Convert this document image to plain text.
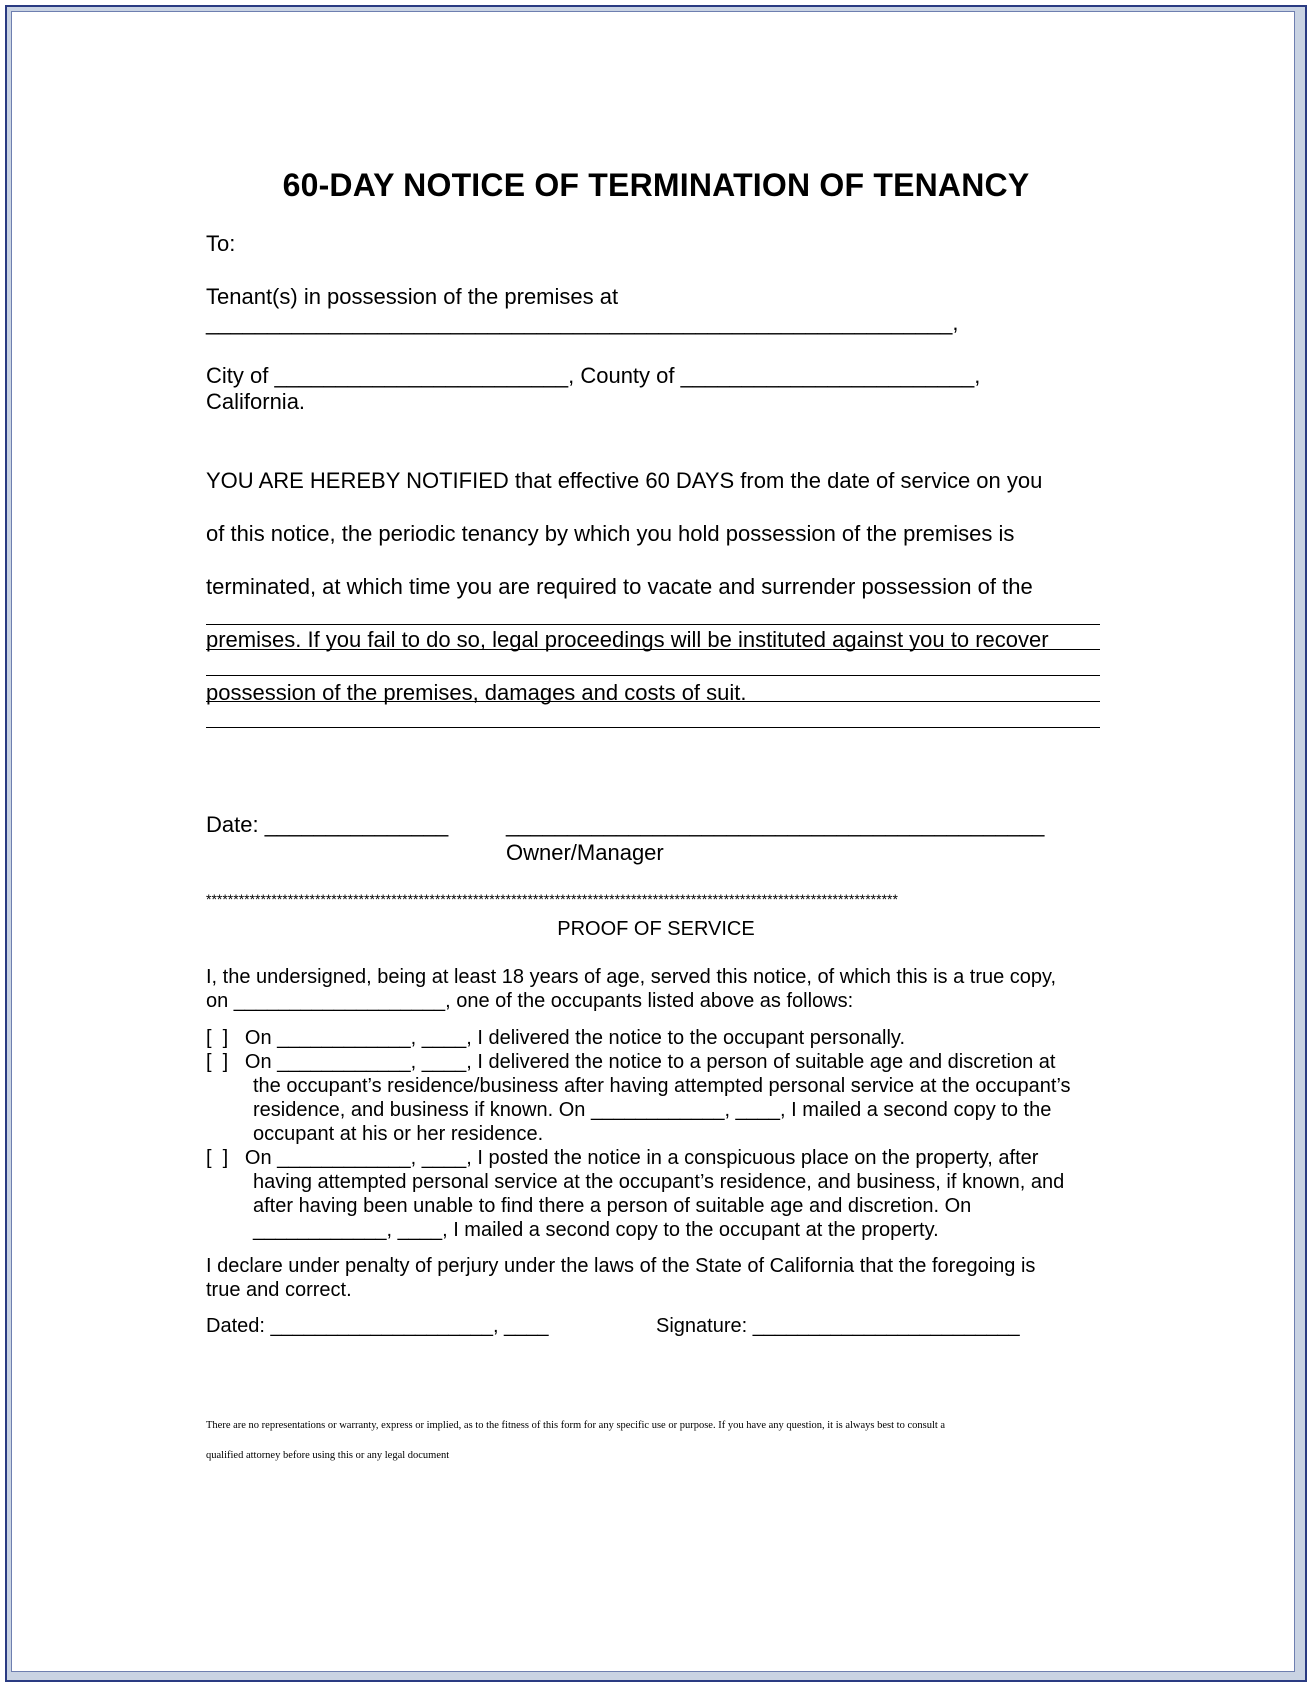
60-DAY NOTICE OF TERMINATION OF TENANCY
To:
Tenant(s) in possession of the premises at
_____________________________________________________________,
City of ________________________, County of ________________________,
California.

YOU ARE HEREBY NOTIFIED that effective 60 DAYS from the date of service on you

of this notice, the periodic tenancy by which you hold possession of the premises is

terminated, at which time you are required to vacate and surrender possession of the

premises. If you fail to do so, legal proceedings will be instituted against you to recover

possession of the premises, damages and costs of suit.

Date: _______________	____________________________________________
Owner/Manager
*******************************************************************************************************************************
PROOF OF SERVICE
I, the undersigned, being at least 18 years of age, served this notice, of which this is a true copy,
on ___________________, one of the occupants listed above as follows:
[  ]   On ____________, ____, I delivered the notice to the occupant personally.
[  ]   On ____________, ____, I delivered the notice to a person of suitable age and discretion at
the occupant’s residence/business after having attempted personal service at the occupant’s
residence, and business if known. On ____________, ____, I mailed a second copy to the
occupant at his or her residence.
[  ]   On ____________, ____, I posted the notice in a conspicuous place on the property, after
having attempted personal service at the occupant’s residence, and business, if known, and
after having been unable to find there a person of suitable age and discretion. On
____________, ____, I mailed a second copy to the occupant at the property.
I declare under penalty of perjury under the laws of the State of California that the foregoing is
true and correct.
Dated: ____________________, ____	Signature: ________________________

There are no representations or warranty, express or implied, as to the fitness of this form for any specific use or purpose. If you have any question, it is always best to consult a

qualified attorney before using this or any legal document
